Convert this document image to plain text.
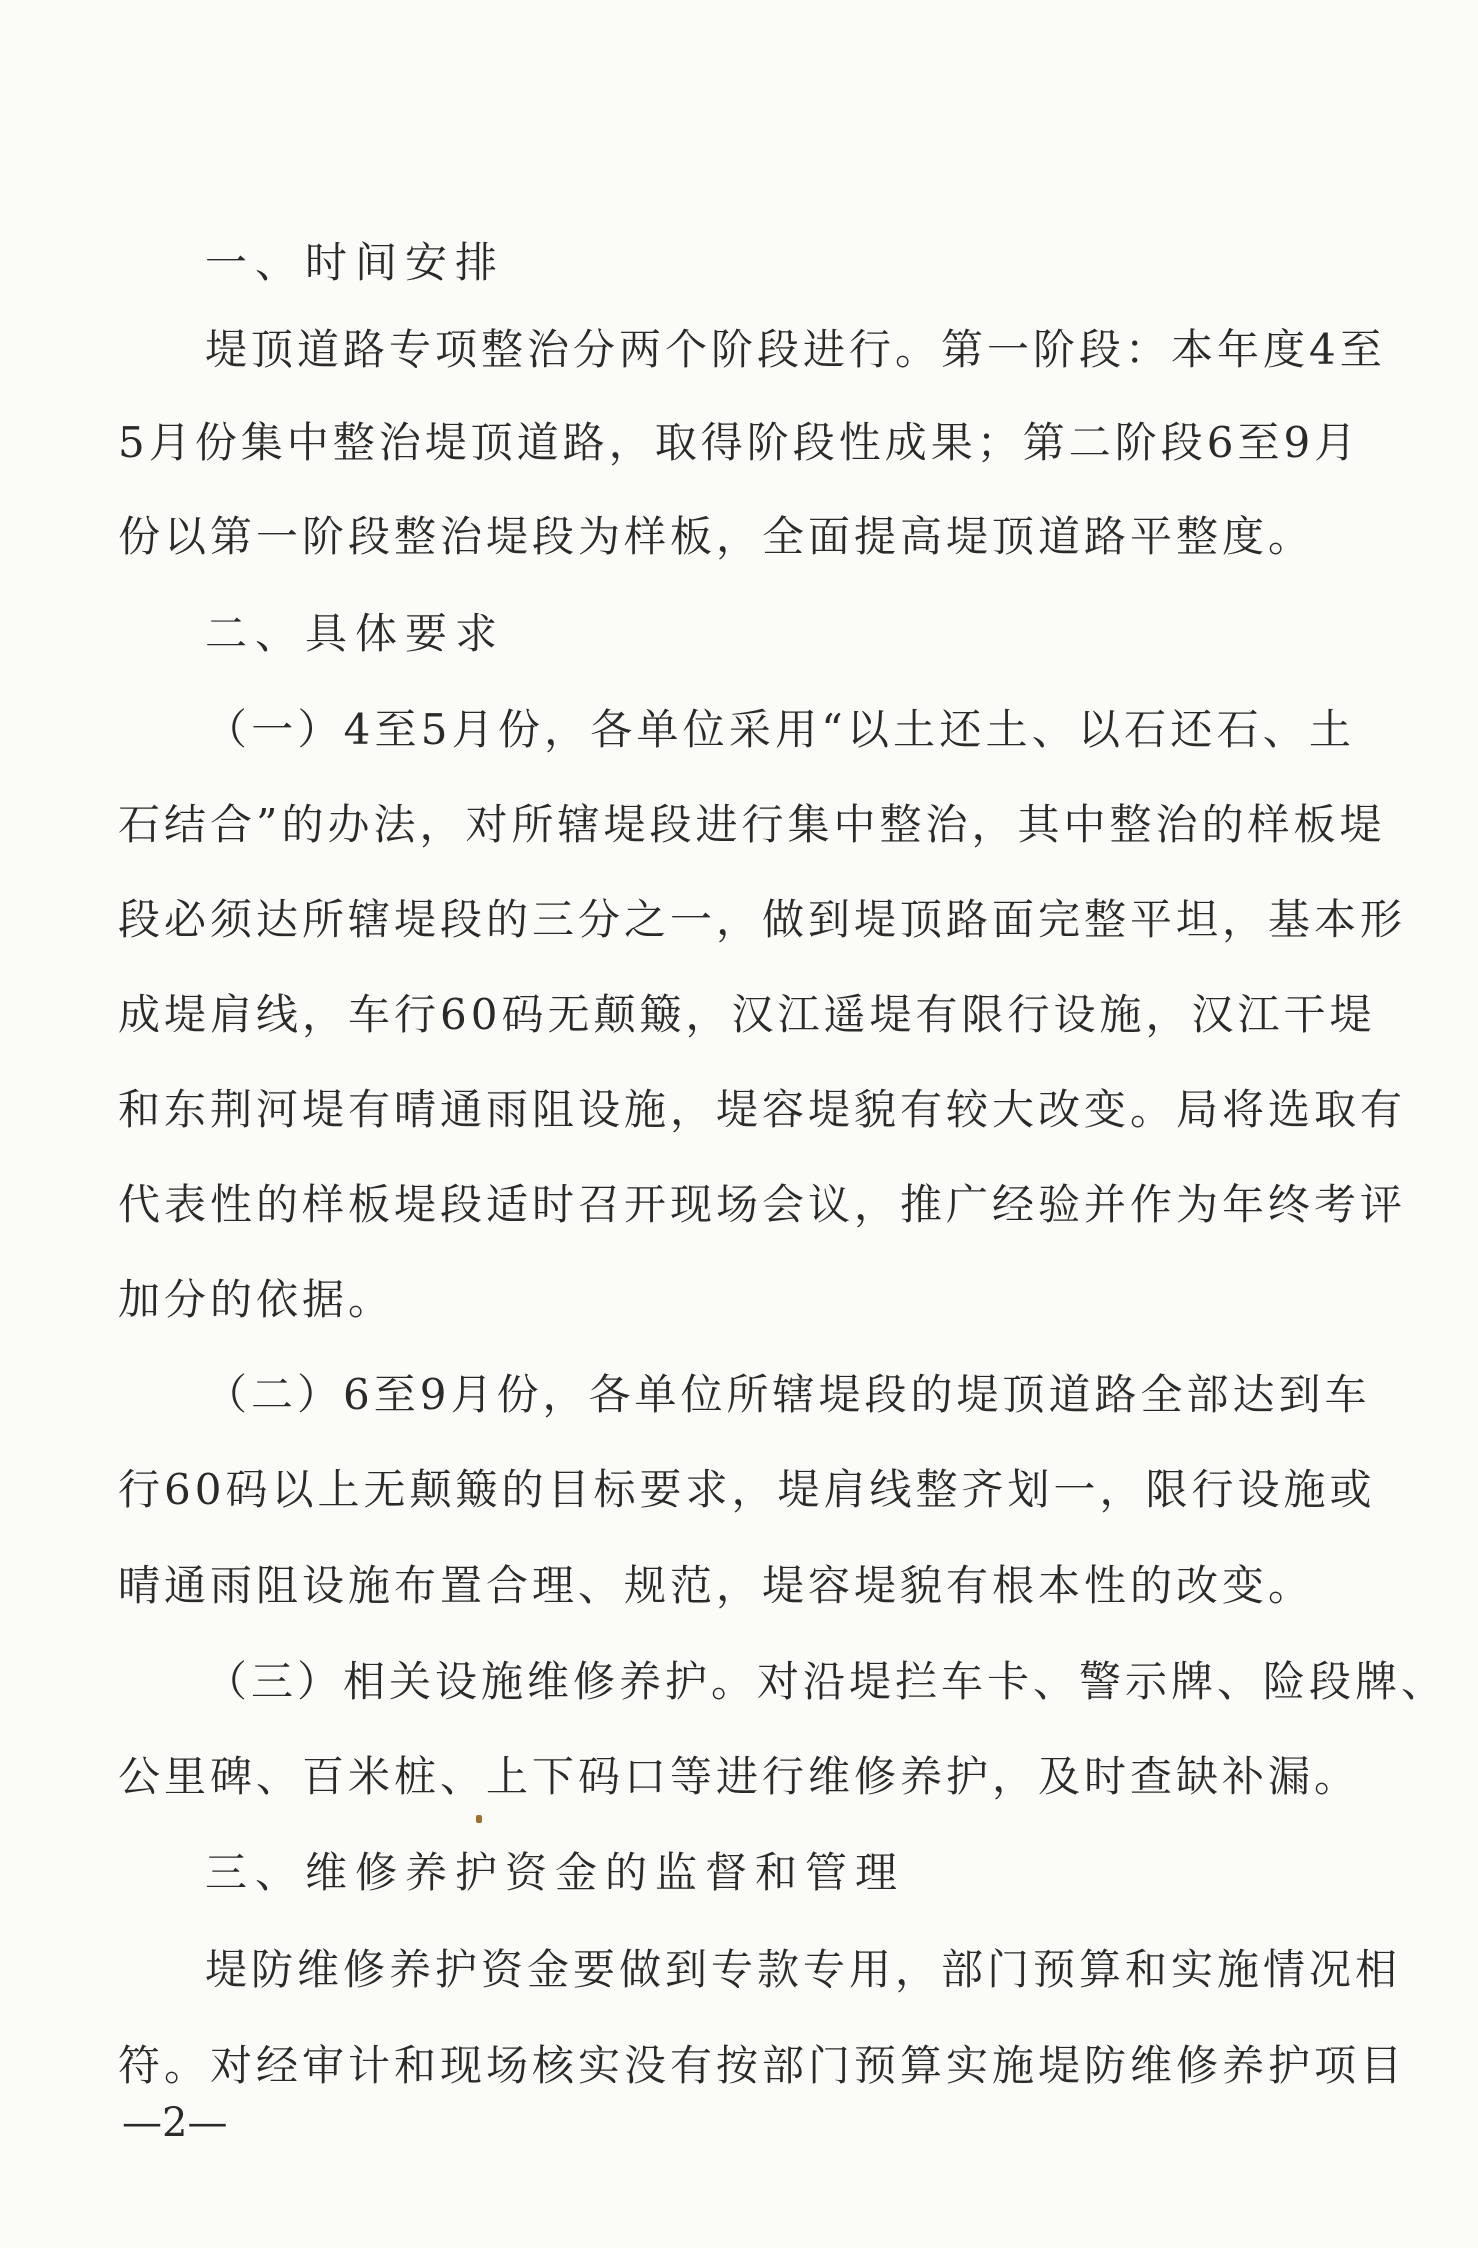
一、时间安排
堤顶道路专项整治分两个阶段进行。第一阶段：本年度4至
5月份集中整治堤顶道路，取得阶段性成果；第二阶段6至9月
份以第一阶段整治堤段为样板，全面提高堤顶道路平整度。
二、具体要求
（一）4至5月份，各单位采用“以土还土、以石还石、土
石结合”的办法，对所辖堤段进行集中整治，其中整治的样板堤
段必须达所辖堤段的三分之一，做到堤顶路面完整平坦，基本形
成堤肩线，车行60码无颠簸，汉江遥堤有限行设施，汉江干堤
和东荆河堤有晴通雨阻设施，堤容堤貌有较大改变。局将选取有
代表性的样板堤段适时召开现场会议，推广经验并作为年终考评
加分的依据。
（二）6至9月份，各单位所辖堤段的堤顶道路全部达到车
行60码以上无颠簸的目标要求，堤肩线整齐划一，限行设施或
晴通雨阻设施布置合理、规范，堤容堤貌有根本性的改变。
（三）相关设施维修养护。对沿堤拦车卡、警示牌、险段牌、
公里碑、百米桩、上下码口等进行维修养护，及时查缺补漏。
三、维修养护资金的监督和管理
堤防维修养护资金要做到专款专用，部门预算和实施情况相
符。对经审计和现场核实没有按部门预算实施堤防维修养护项目
—2—
